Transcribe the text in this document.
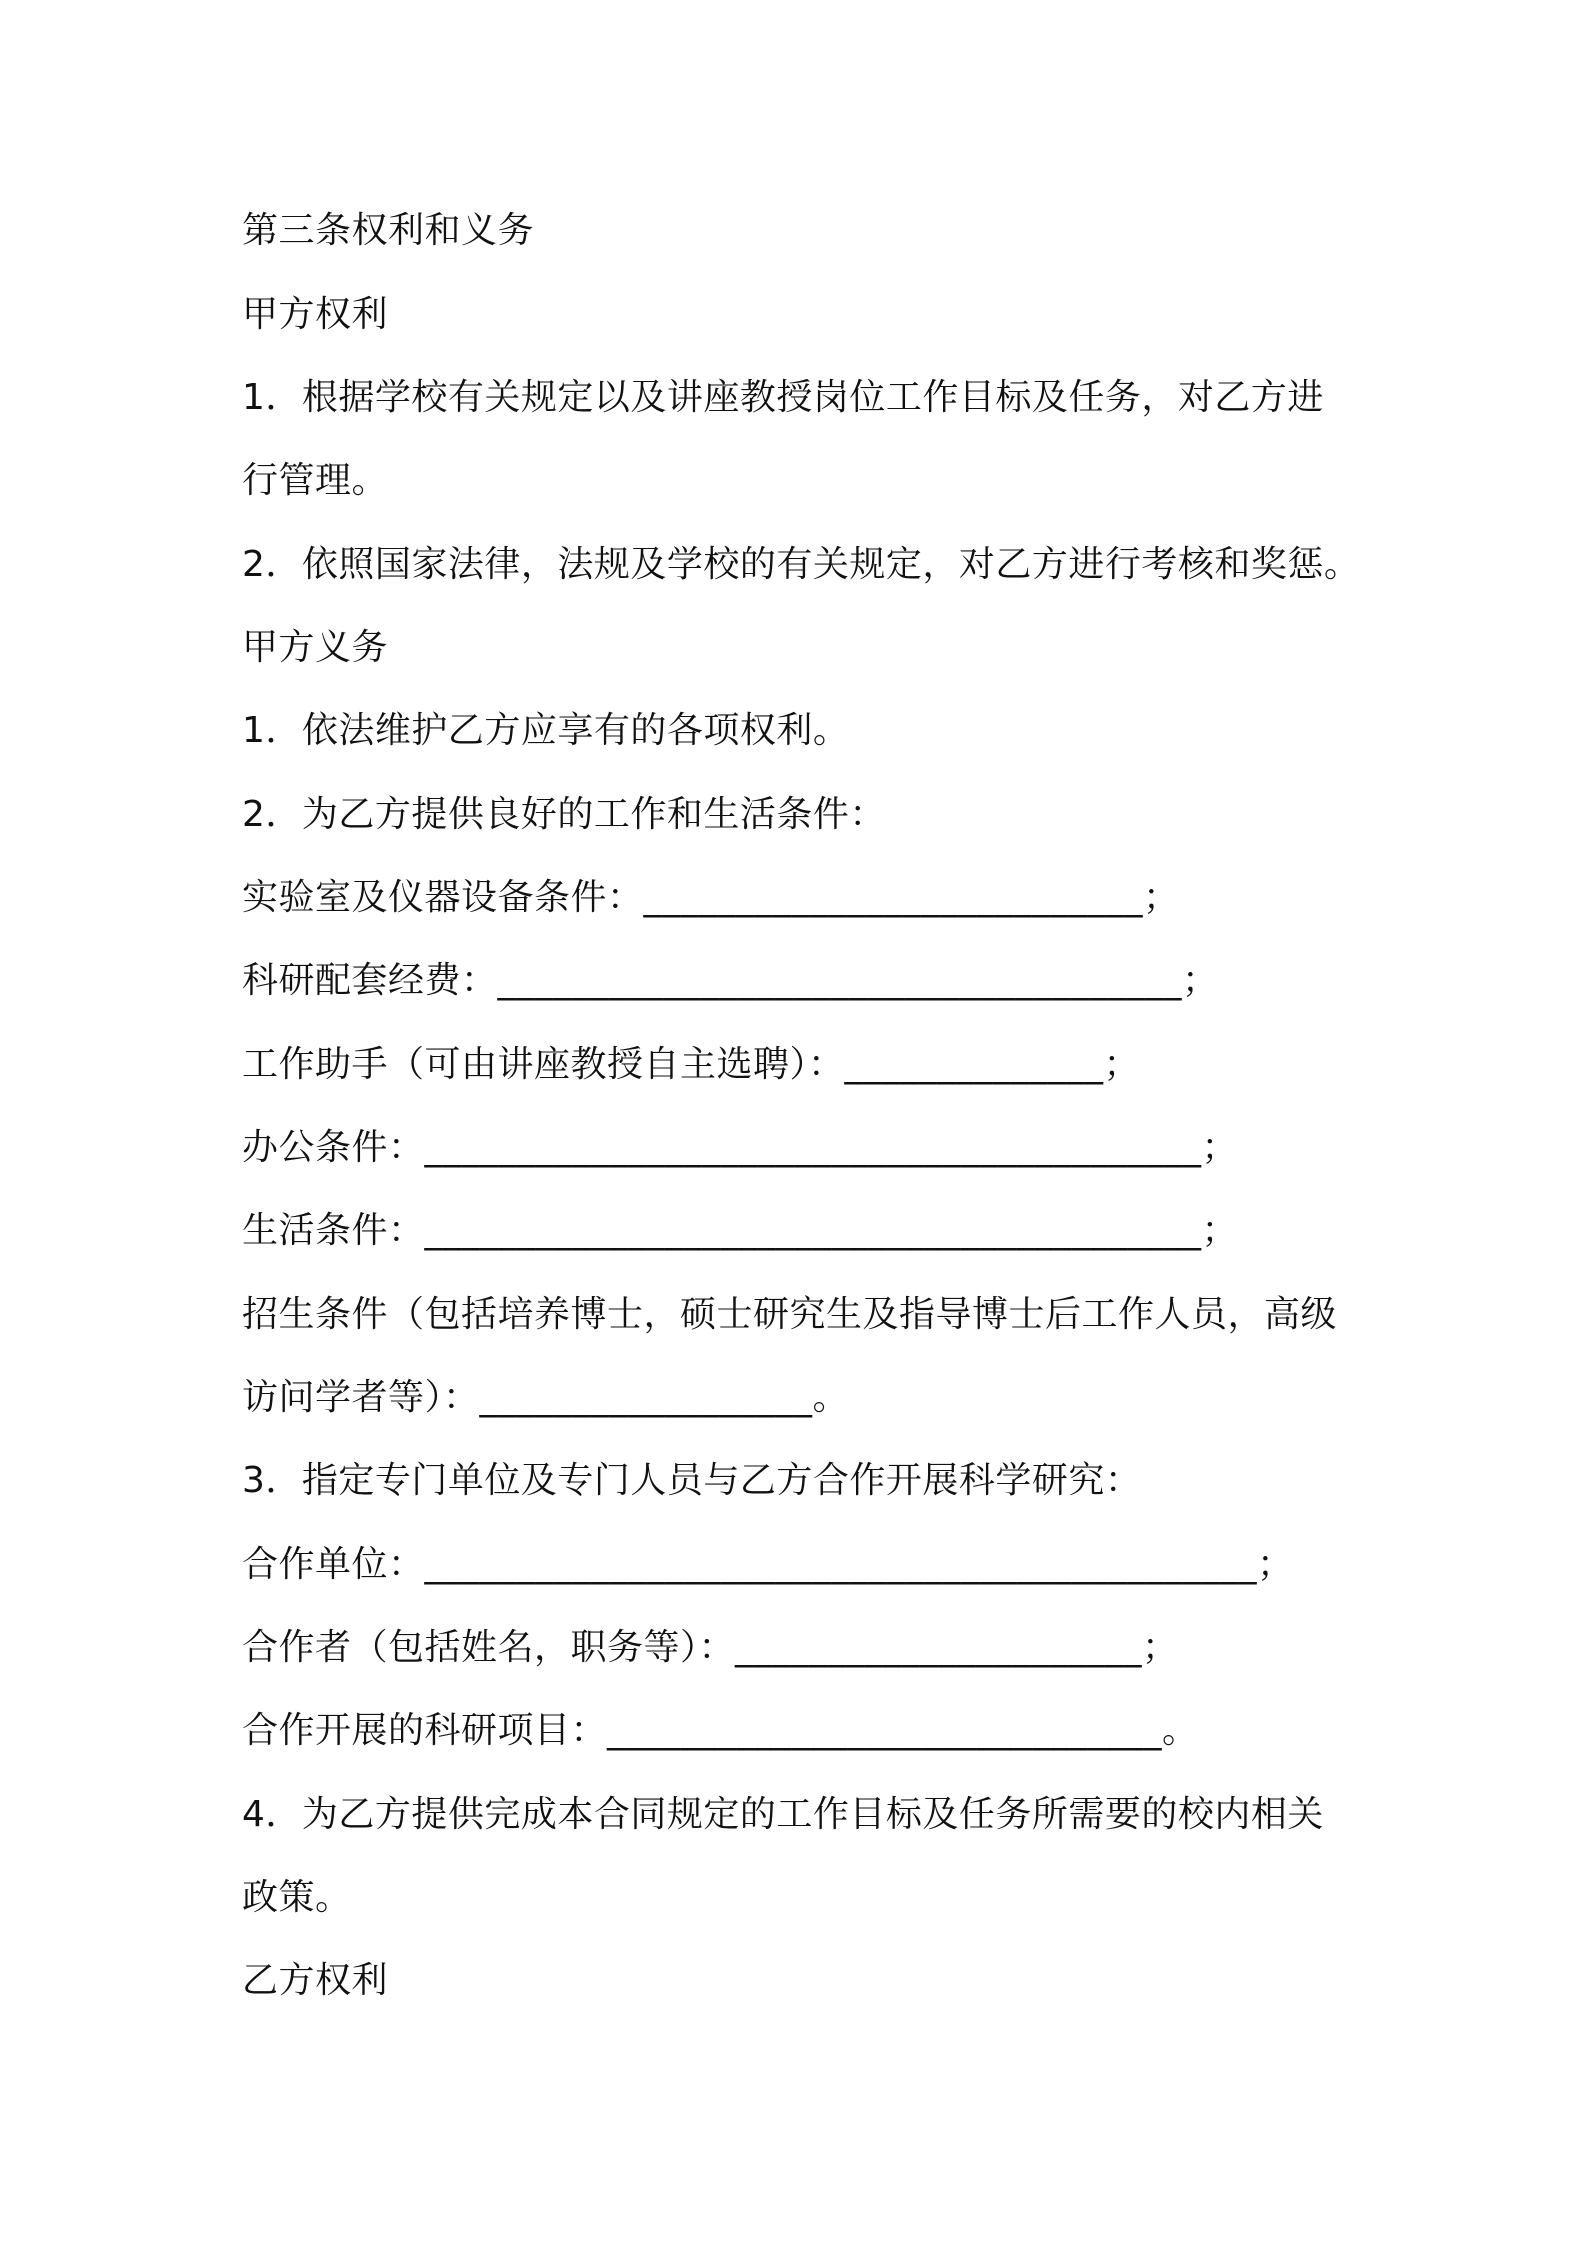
第三条权利和义务
甲方权利
1．根据学校有关规定以及讲座教授岗位工作目标及任务，对乙方进
行管理。
2．依照国家法律，法规及学校的有关规定，对乙方进行考核和奖惩。
甲方义务
1．依法维护乙方应享有的各项权利。
2．为乙方提供良好的工作和生活条件：
实验室及仪器设备条件：___________________________；
科研配套经费：_____________________________________；
工作助手（可由讲座教授自主选聘）：______________；
办公条件：__________________________________________；
生活条件：__________________________________________；
招生条件（包括培养博士，硕士研究生及指导博士后工作人员，高级
访问学者等）：__________________。
3．指定专门单位及专门人员与乙方合作开展科学研究：
合作单位：_____________________________________________；
合作者（包括姓名，职务等）：______________________；
合作开展的科研项目：______________________________。
4．为乙方提供完成本合同规定的工作目标及任务所需要的校内相关
政策。
乙方权利
